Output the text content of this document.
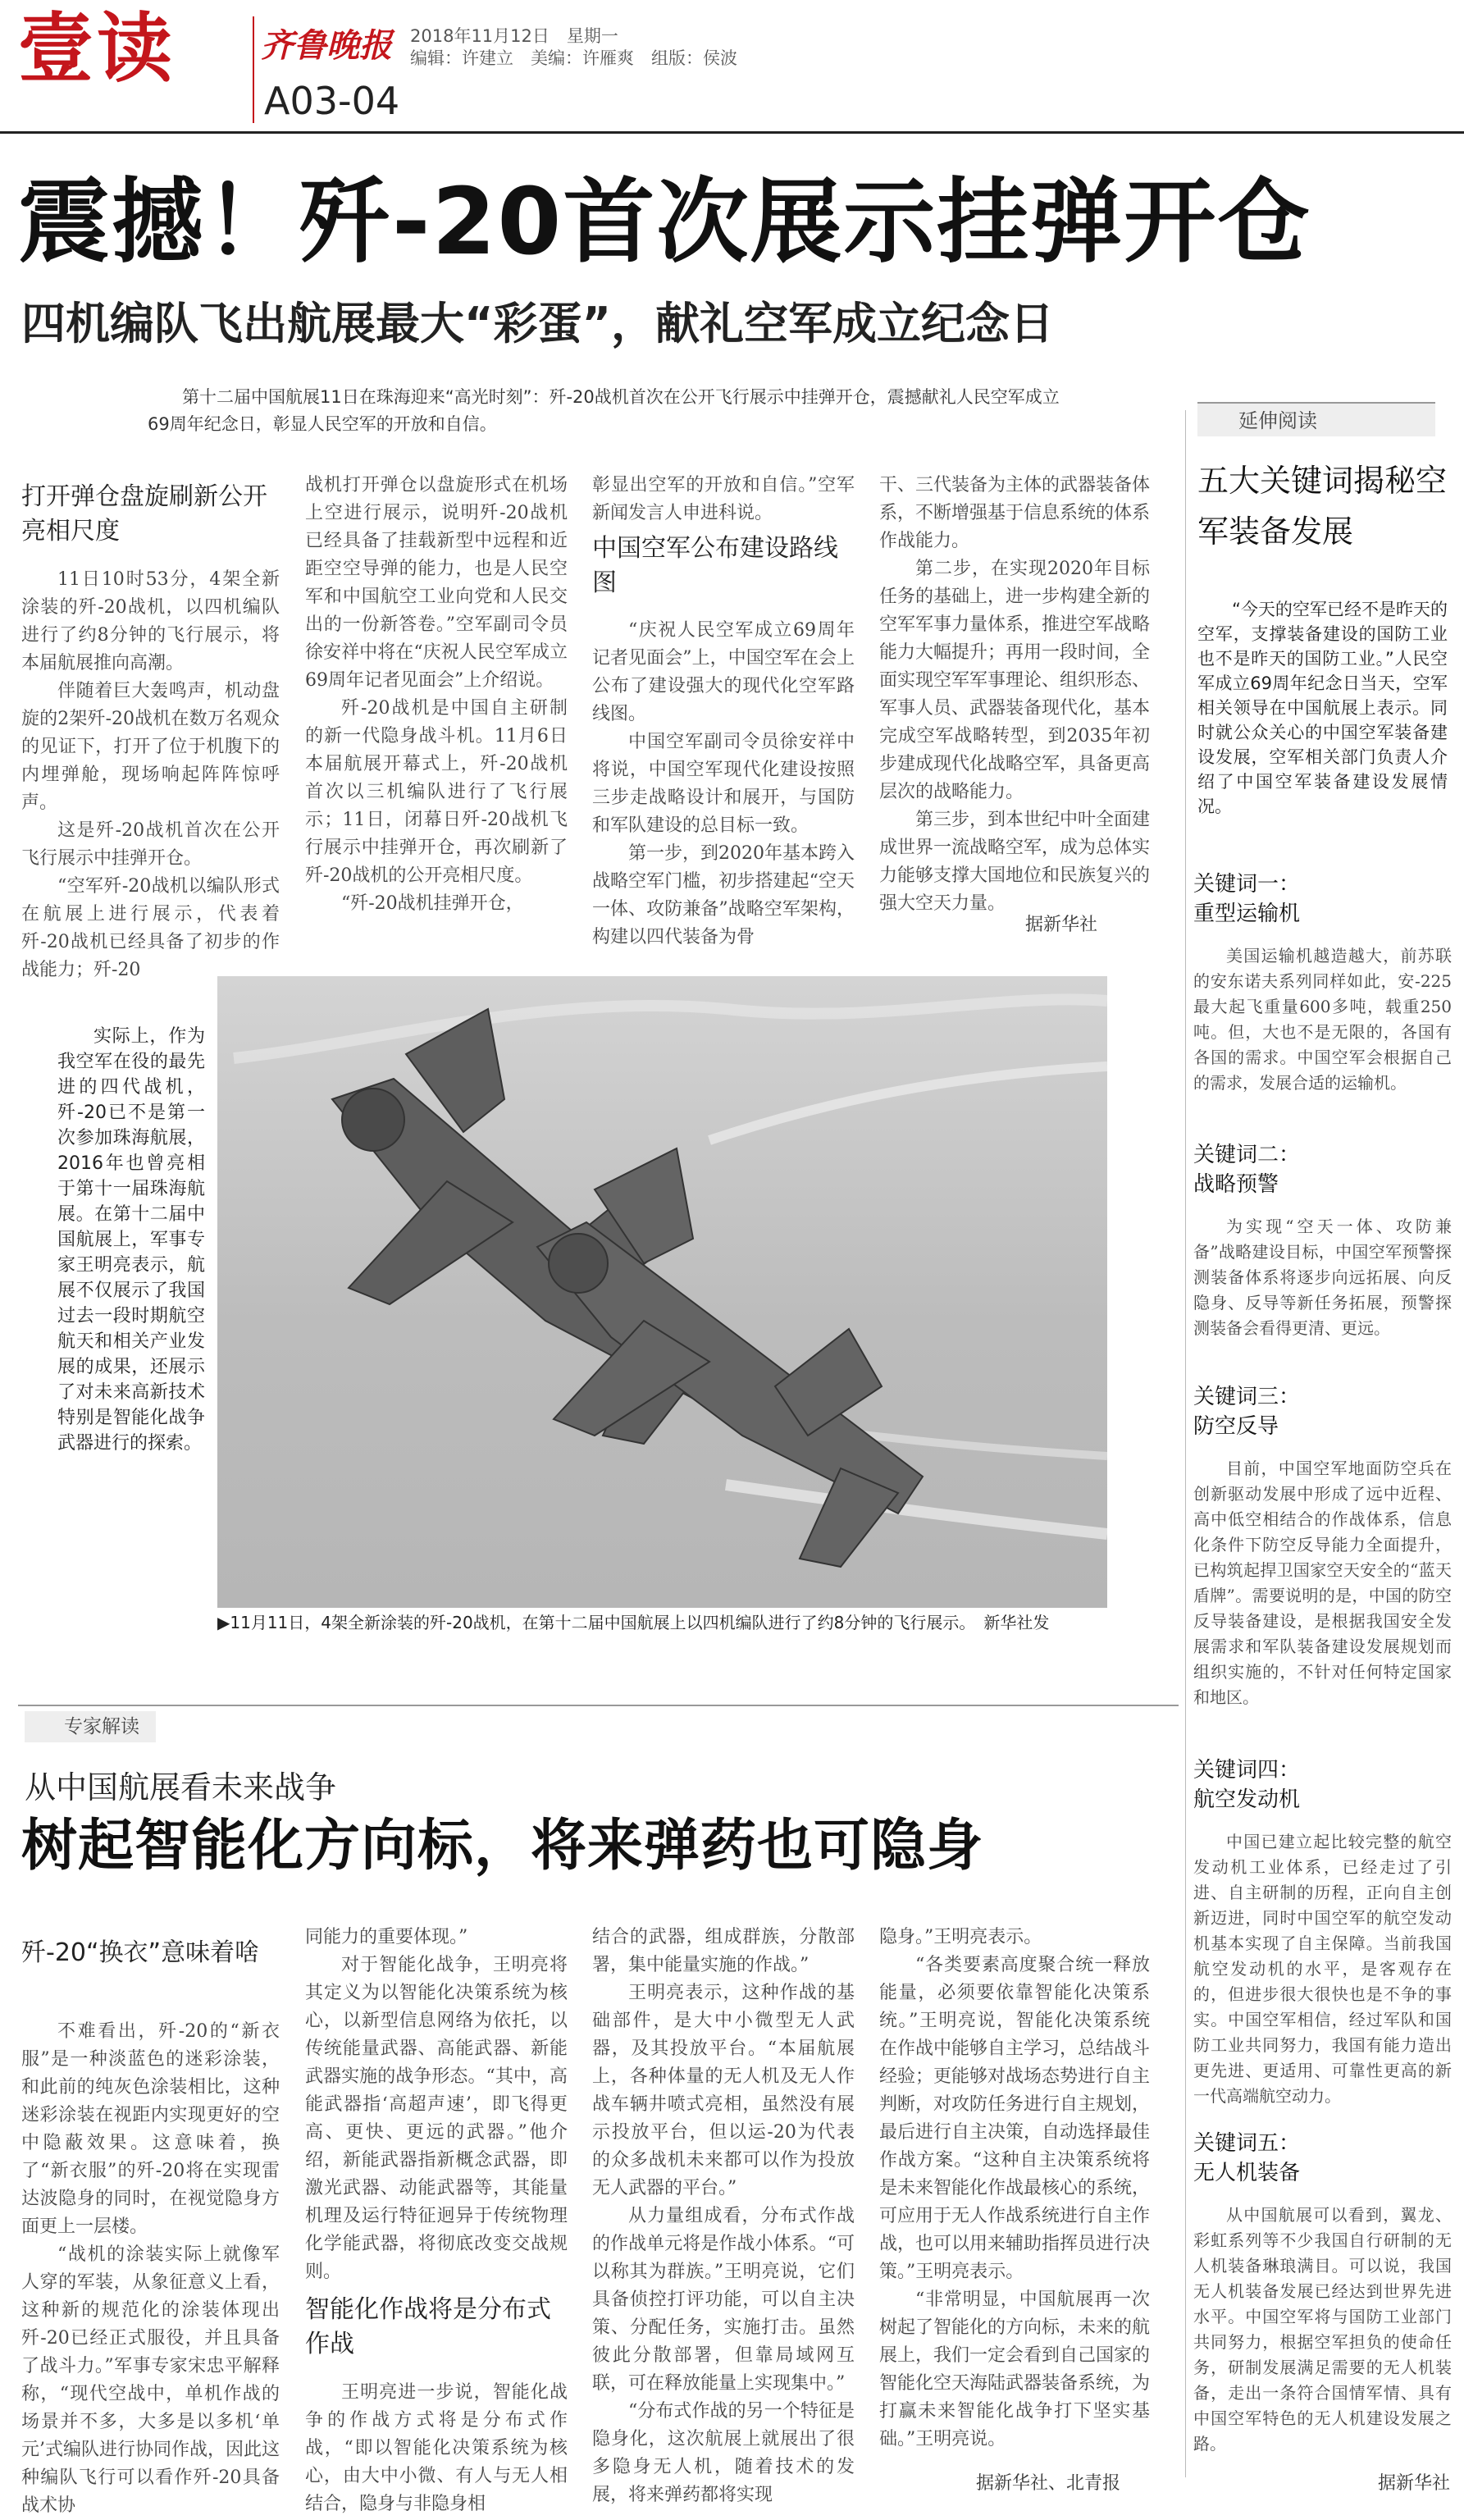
壹读	齐鲁晚报 2018年11月12日　星期一
编辑：许建立　美编：许雁爽　组版：侯波
A03-04
震撼！歼-20首次展示挂弹开仓
四机编队飞出航展最大“彩蛋”，献礼空军成立纪念日
第十二届中国航展11日在珠海迎来“高光时刻”：歼-20战机首次在公开飞行展示中挂弹开仓，震撼献礼人民空军成立69周年纪念日，彰显人民空军的开放和自信。
打开弹仓盘旋刷新公开亮相尺度

11日10时53分，4架全新涂装的歼-20战机，以四机编队进行了约8分钟的飞行展示，将本届航展推向高潮。

伴随着巨大轰鸣声，机动盘旋的2架歼-20战机在数万名观众的见证下，打开了位于机腹下的内埋弹舱，现场响起阵阵惊呼声。

这是歼-20战机首次在公开飞行展示中挂弹开仓。

“空军歼-20战机以编队形式在航展上进行展示，代表着歼-20战机已经具备了初步的作战能力；歼-20

战机打开弹仓以盘旋形式在机场上空进行展示，说明歼-20战机已经具备了挂载新型中远程和近距空空导弹的能力，也是人民空军和中国航空工业向党和人民交出的一份新答卷。”空军副司令员徐安祥中将在“庆祝人民空军成立69周年记者见面会”上介绍说。

歼-20战机是中国自主研制的新一代隐身战斗机。11月6日本届航展开幕式上，歼-20战机首次以三机编队进行了飞行展示；11日，闭幕日歼-20战机飞行展示中挂弹开仓，再次刷新了歼-20战机的公开亮相尺度。

“歼-20战机挂弹开仓，

彰显出空军的开放和自信。”空军新闻发言人申进科说。

中国空军公布建设路线图

“庆祝人民空军成立69周年记者见面会”上，中国空军在会上公布了建设强大的现代化空军路线图。

中国空军副司令员徐安祥中将说，中国空军现代化建设按照三步走战略设计和展开，与国防和军队建设的总目标一致。

第一步，到2020年基本跨入战略空军门槛，初步搭建起“空天一体、攻防兼备”战略空军架构，构建以四代装备为骨

干、三代装备为主体的武器装备体系，不断增强基于信息系统的体系作战能力。

第二步，在实现2020年目标任务的基础上，进一步构建全新的空军军事力量体系，推进空军战略能力大幅提升；再用一段时间，全面实现空军军事理论、组织形态、军事人员、武器装备现代化，基本完成空军战略转型，到2035年初步建成现代化战略空军，具备更高层次的战略能力。

第三步，到本世纪中叶全面建成世界一流战略空军，成为总体实力能够支撑大国地位和民族复兴的强大空天力量。

据新华社
实际上，作为我空军在役的最先进的四代战机，歼-20已不是第一次参加珠海航展，2016年也曾亮相于第十一届珠海航展。在第十二届中国航展上，军事专家王明亮表示，航展不仅展示了我国过去一段时期航空航天和相关产业发展的成果，还展示了对未来高新技术特别是智能化战争武器进行的探索。
▶11月11日，4架全新涂装的歼-20战机，在第十二届中国航展上以四机编队进行了约8分钟的飞行展示。　新华社发
延伸阅读
五大关键词揭秘空军装备发展
“今天的空军已经不是昨天的空军，支撑装备建设的国防工业也不是昨天的国防工业。”人民空军成立69周年纪念日当天，空军相关领导在中国航展上表示。同时就公众关心的中国空军装备建设发展，空军相关部门负责人介绍了中国空军装备建设发展情况。
关键词一：
重型运输机
美国运输机越造越大，前苏联的安东诺夫系列同样如此，安-225最大起飞重量600多吨，载重250吨。但，大也不是无限的，各国有各国的需求。中国空军会根据自己的需求，发展合适的运输机。
关键词二：
战略预警
为实现“空天一体、攻防兼备”战略建设目标，中国空军预警探测装备体系将逐步向远拓展、向反隐身、反导等新任务拓展，预警探测装备会看得更清、更远。
关键词三：
防空反导
目前，中国空军地面防空兵在创新驱动发展中形成了远中近程、高中低空相结合的作战体系，信息化条件下防空反导能力全面提升，已构筑起捍卫国家空天安全的“蓝天盾牌”。需要说明的是，中国的防空反导装备建设，是根据我国安全发展需求和军队装备建设发展规划而组织实施的，不针对任何特定国家和地区。
关键词四：
航空发动机
中国已建立起比较完整的航空发动机工业体系，已经走过了引进、自主研制的历程，正向自主创新迈进，同时中国空军的航空发动机基本实现了自主保障。当前我国航空发动机的水平，是客观存在的，但进步很大很快也是不争的事实。中国空军相信，经过军队和国防工业共同努力，我国有能力造出更先进、更适用、可靠性更高的新一代高端航空动力。
关键词五：
无人机装备
从中国航展可以看到，翼龙、彩虹系列等不少我国自行研制的无人机装备琳琅满目。可以说，我国无人机装备发展已经达到世界先进水平。中国空军将与国防工业部门共同努力，根据空军担负的使命任务，研制发展满足需要的无人机装备，走出一条符合国情军情、具有中国空军特色的无人机建设发展之路。
据新华社
专家解读
从中国航展看未来战争
树起智能化方向标，将来弹药也可隐身
歼-20“换衣”意味着啥

不难看出，歼-20的“新衣服”是一种淡蓝色的迷彩涂装，和此前的纯灰色涂装相比，这种迷彩涂装在视距内实现更好的空中隐蔽效果。这意味着，换了“新衣服”的歼-20将在实现雷达波隐身的同时，在视觉隐身方面更上一层楼。

“战机的涂装实际上就像军人穿的军装，从象征意义上看，这种新的规范化的涂装体现出歼-20已经正式服役，并且具备了战斗力。”军事专家宋忠平解释称，“现代空战中，单机作战的场景并不多，大多是以多机‘单元’式编队进行协同作战，因此这种编队飞行可以看作歼-20具备战术协

同能力的重要体现。”

对于智能化战争，王明亮将其定义为以智能化决策系统为核心，以新型信息网络为依托，以传统能量武器、高能武器、新能武器实施的战争形态。“其中，高能武器指‘高超声速’，即飞得更高、更快、更远的武器。”他介绍，新能武器指新概念武器，即激光武器、动能武器等，其能量机理及运行特征迥异于传统物理化学能武器，将彻底改变交战规则。

智能化作战将是分布式作战

王明亮进一步说，智能化战争的作战方式将是分布式作战，“即以智能化决策系统为核心，由大中小微、有人与无人相结合，隐身与非隐身相

结合的武器，组成群族，分散部署，集中能量实施的作战。”

王明亮表示，这种作战的基础部件，是大中小微型无人武器，及其投放平台。“本届航展上，各种体量的无人机及无人作战车辆井喷式亮相，虽然没有展示投放平台，但以运-20为代表的众多战机未来都可以作为投放无人武器的平台。”

从力量组成看，分布式作战的作战单元将是作战小体系。“可以称其为群族。”王明亮说，它们具备侦控打评功能，可以自主决策、分配任务，实施打击。虽然彼此分散部署，但靠局域网互联，可在释放能量上实现集中。”

“分布式作战的另一个特征是隐身化，这次航展上就展出了很多隐身无人机，随着技术的发展，将来弹药都将实现

隐身。”王明亮表示。

“各类要素高度聚合统一释放能量，必须要依靠智能化决策系统。”王明亮说，智能化决策系统在作战中能够自主学习，总结战斗经验；更能够对战场态势进行自主判断，对攻防任务进行自主规划，最后进行自主决策，自动选择最佳作战方案。“这种自主决策系统将是未来智能化作战最核心的系统，可应用于无人作战系统进行自主作战，也可以用来辅助指挥员进行决策。”王明亮表示。

“非常明显，中国航展再一次树起了智能化的方向标，未来的航展上，我们一定会看到自己国家的智能化空天海陆武器装备系统，为打赢未来智能化战争打下坚实基础。”王明亮说。

据新华社、北青报
